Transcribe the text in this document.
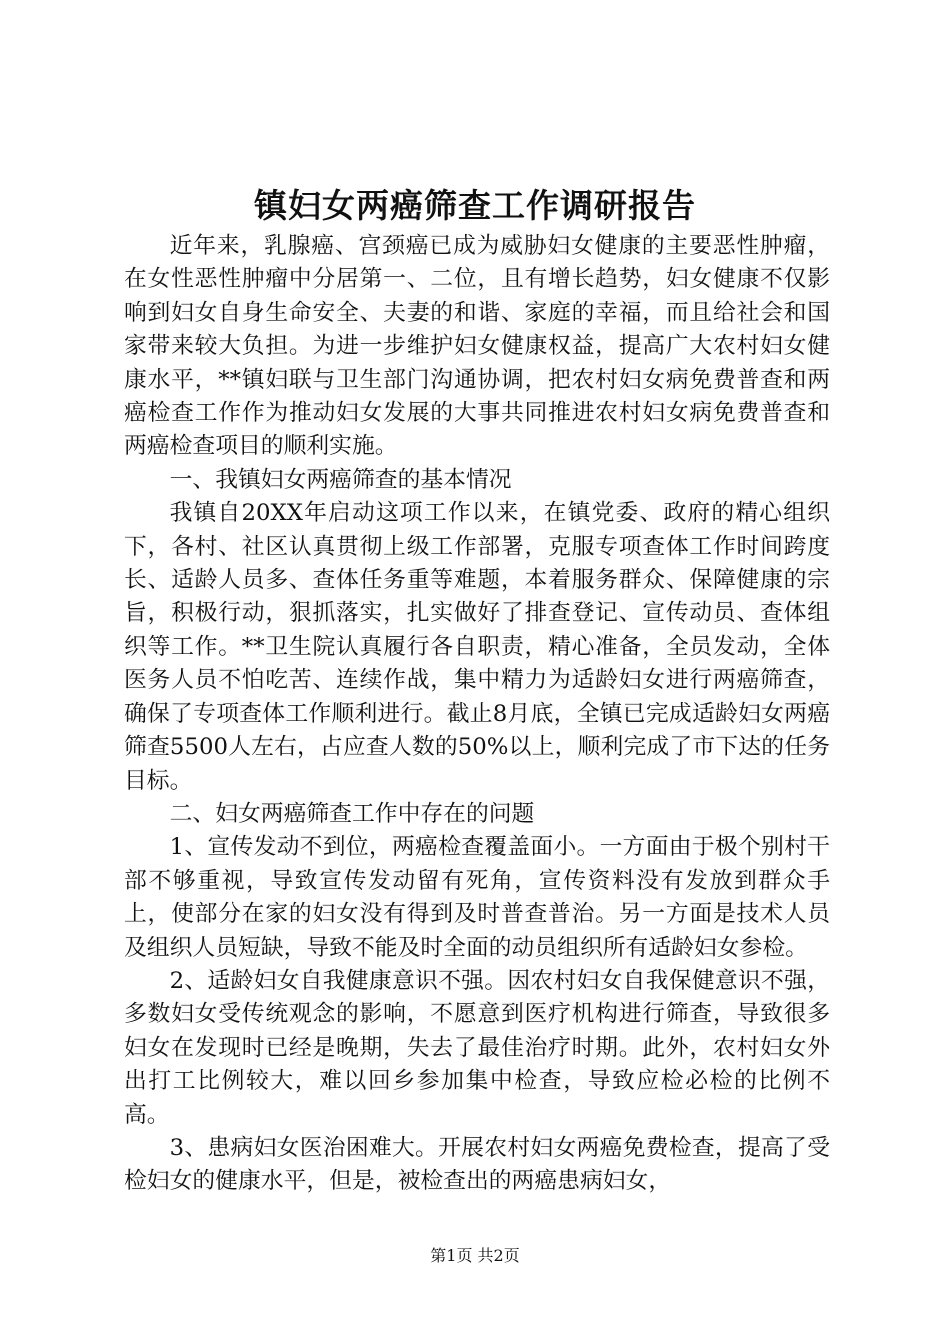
镇妇女两癌筛查工作调研报告

近年来，乳腺癌、宫颈癌已成为威胁妇女健康的主要恶性肿瘤，在女性恶性肿瘤中分居第一、二位，且有增长趋势，妇女健康不仅影响到妇女自身生命安全、夫妻的和谐、家庭的幸福，而且给社会和国家带来较大负担。为进一步维护妇女健康权益，提高广大农村妇女健康水平，**镇妇联与卫生部门沟通协调，把农村妇女病免费普查和两癌检查工作作为推动妇女发展的大事共同推进农村妇女病免费普查和两癌检查项目的顺利实施。

一、我镇妇女两癌筛查的基本情况

我镇自20XX年启动这项工作以来，在镇党委、政府的精心组织下，各村、社区认真贯彻上级工作部署，克服专项查体工作时间跨度长、适龄人员多、查体任务重等难题，本着服务群众、保障健康的宗旨，积极行动，狠抓落实，扎实做好了排查登记、宣传动员、查体组织等工作。**卫生院认真履行各自职责，精心准备，全员发动，全体医务人员不怕吃苦、连续作战，集中精力为适龄妇女进行两癌筛查，确保了专项查体工作顺利进行。截止8月底，全镇已完成适龄妇女两癌筛查5500人左右，占应查人数的50%以上，顺利完成了市下达的任务目标。

二、妇女两癌筛查工作中存在的问题

1、宣传发动不到位，两癌检查覆盖面小。一方面由于极个别村干部不够重视，导致宣传发动留有死角，宣传资料没有发放到群众手上，使部分在家的妇女没有得到及时普查普治。另一方面是技术人员及组织人员短缺，导致不能及时全面的动员组织所有适龄妇女参检。

2、适龄妇女自我健康意识不强。因农村妇女自我保健意识不强，多数妇女受传统观念的影响，不愿意到医疗机构进行筛查，导致很多妇女在发现时已经是晚期，失去了最佳治疗时期。此外，农村妇女外出打工比例较大，难以回乡参加集中检查，导致应检必检的比例不高。

3、患病妇女医治困难大。开展农村妇女两癌免费检查，提高了受检妇女的健康水平，但是，被检查出的两癌患病妇女，

第1页 共2页
